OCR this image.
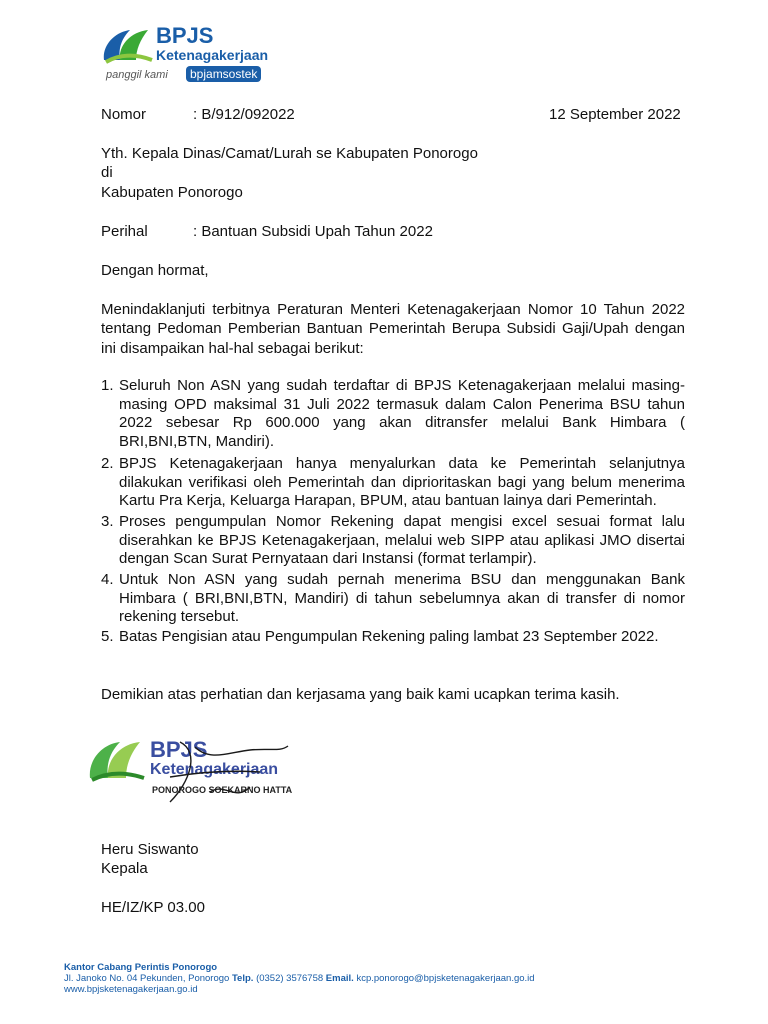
BPJS
Ketenagakerjaan
panggil kami	bpjamsostek
Nomor	: B/912/092022	12 September 2022
Yth. Kepala Dinas/Camat/Lurah se Kabupaten Ponorogo
di
Kabupaten Ponorogo
Perihal	: Bantuan Subsidi Upah Tahun 2022
Dengan hormat,
Menindaklanjuti terbitnya Peraturan Menteri Ketenagakerjaan Nomor 10 Tahun 2022 tentang Pedoman Pemberian Bantuan Pemerintah Berupa Subsidi Gaji/Upah dengan ini disampaikan hal-hal sebagai berikut:
1. Seluruh Non ASN yang sudah terdaftar di BPJS Ketenagakerjaan melalui masing-masing OPD maksimal 31 Juli 2022 termasuk dalam Calon Penerima BSU tahun 2022 sebesar Rp 600.000 yang akan ditransfer melalui Bank Himbara ( BRI,BNI,BTN, Mandiri).
2. BPJS Ketenagakerjaan hanya menyalurkan data ke Pemerintah selanjutnya dilakukan verifikasi oleh Pemerintah dan diprioritaskan bagi yang belum menerima Kartu Pra Kerja, Keluarga Harapan, BPUM, atau bantuan lainya dari Pemerintah.
3. Proses pengumpulan Nomor Rekening dapat mengisi excel sesuai format lalu diserahkan ke BPJS Ketenagakerjaan, melalui web SIPP atau aplikasi JMO disertai dengan Scan Surat Pernyataan dari Instansi (format terlampir).
4. Untuk Non ASN yang sudah pernah menerima BSU dan menggunakan Bank Himbara ( BRI,BNI,BTN, Mandiri) di tahun sebelumnya akan di transfer di nomor rekening tersebut.
5. Batas Pengisian atau Pengumpulan Rekening paling lambat 23 September 2022.
Demikian atas perhatian dan kerjasama yang baik kami ucapkan terima kasih.
BPJS
Ketenagakerjaan
PONOROGO SOEKARNO HATTA
Heru Siswanto
Kepala
HE/IZ/KP 03.00
Kantor Cabang Perintis Ponorogo
Jl. Janoko No. 04 Pekunden, Ponorogo Telp. (0352) 3576758 Email. kcp.ponorogo@bpjsketenagakerjaan.go.id
www.bpjsketenagakerjaan.go.id
